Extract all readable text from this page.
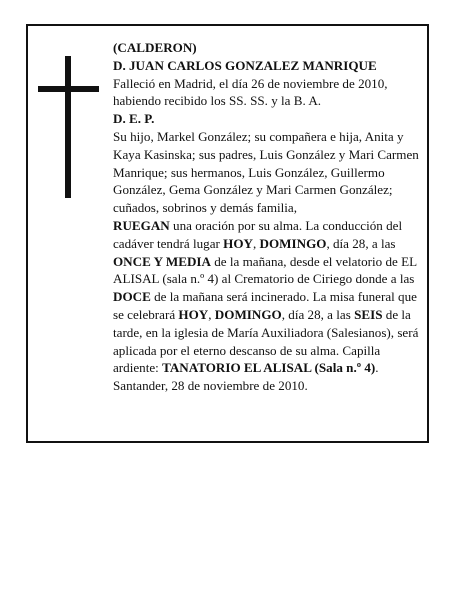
(CALDERON)

D. JUAN CARLOS GONZALEZ MANRIQUE

Falleció en Madrid, el día 26 de noviembre de 2010, habiendo recibido los SS. SS. y la B. A.

D. E. P.

Su hijo, Markel González; su compañera e hija, Anita y Kaya Kasinska; sus padres, Luis González y Mari Carmen Manrique; sus hermanos, Luis González, Guillermo González, Gema González y Mari Carmen González; cuñados, sobrinos y demás familia,

RUEGAN una oración por su alma. La conducción del cadáver tendrá lugar HOY, DOMINGO, día 28, a las ONCE Y MEDIA de la mañana, desde el velatorio de EL ALISAL (sala n.º 4) al Crematorio de Ciriego donde a las DOCE de la mañana será incinerado. La misa funeral que se celebrará HOY, DOMINGO, día 28, a las SEIS de la tarde, en la iglesia de María Auxiliadora (Salesianos), será aplicada por el eterno descanso de su alma. Capilla ardiente: TANATORIO EL ALISAL (Sala n.º 4).

Santander, 28 de noviembre de 2010.
